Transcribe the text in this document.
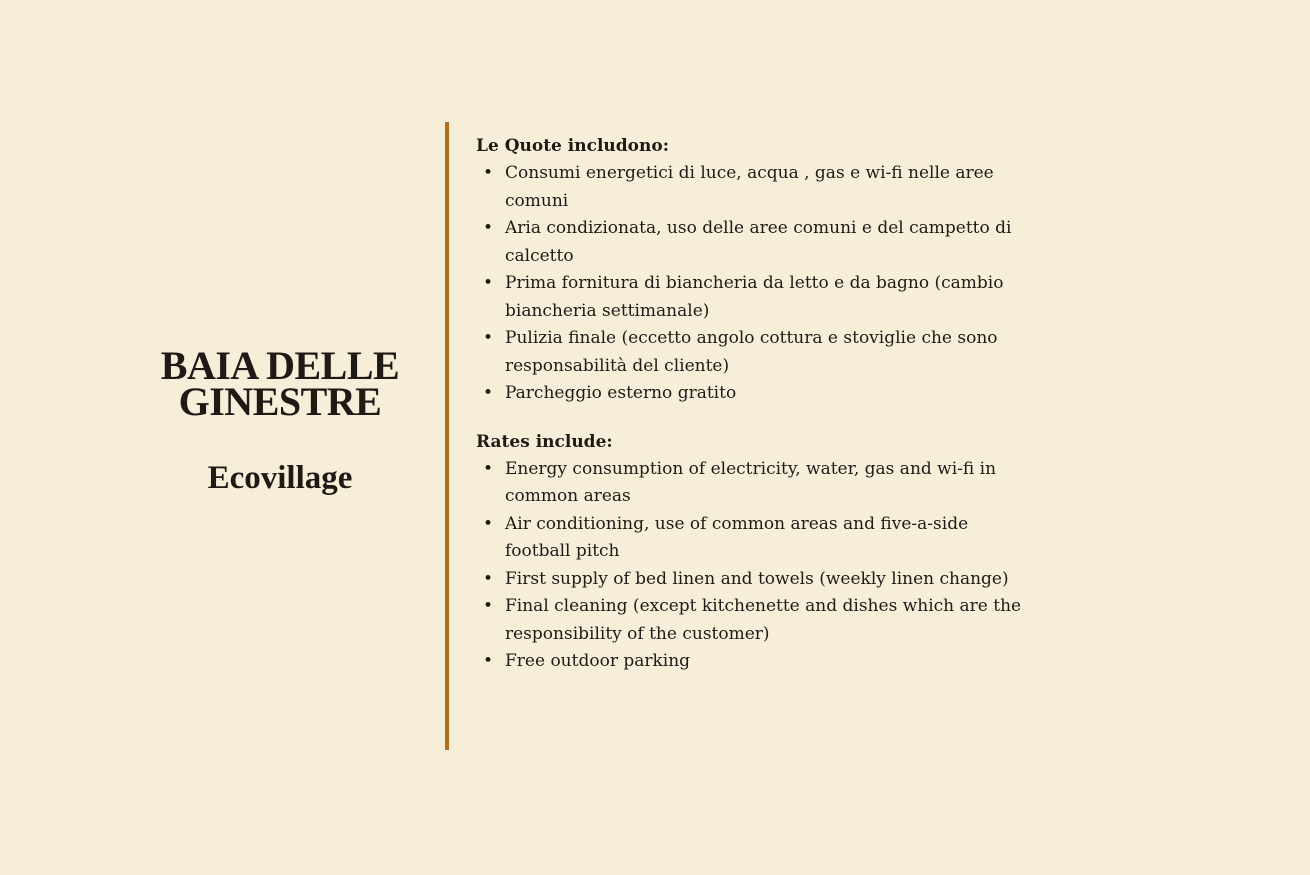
BAIA DELLE
GINESTRE
Ecovillage
Le Quote includono:
• Consumi energetici di luce, acqua , gas e wi-fi nelle aree comuni
• Aria condizionata, uso delle aree comuni e del campetto di calcetto
• Prima fornitura di biancheria da letto e da bagno (cambio biancheria settimanale)
• Pulizia finale (eccetto angolo cottura e stoviglie che sono responsabilità del cliente)
• Parcheggio esterno gratito
Rates include:
• Energy consumption of electricity, water, gas and wi-fi in common areas
• Air conditioning, use of common areas and five-a-side football pitch
• First supply of bed linen and towels (weekly linen change)
• Final cleaning (except kitchenette and dishes which are the responsibility of the customer)
• Free outdoor parking
